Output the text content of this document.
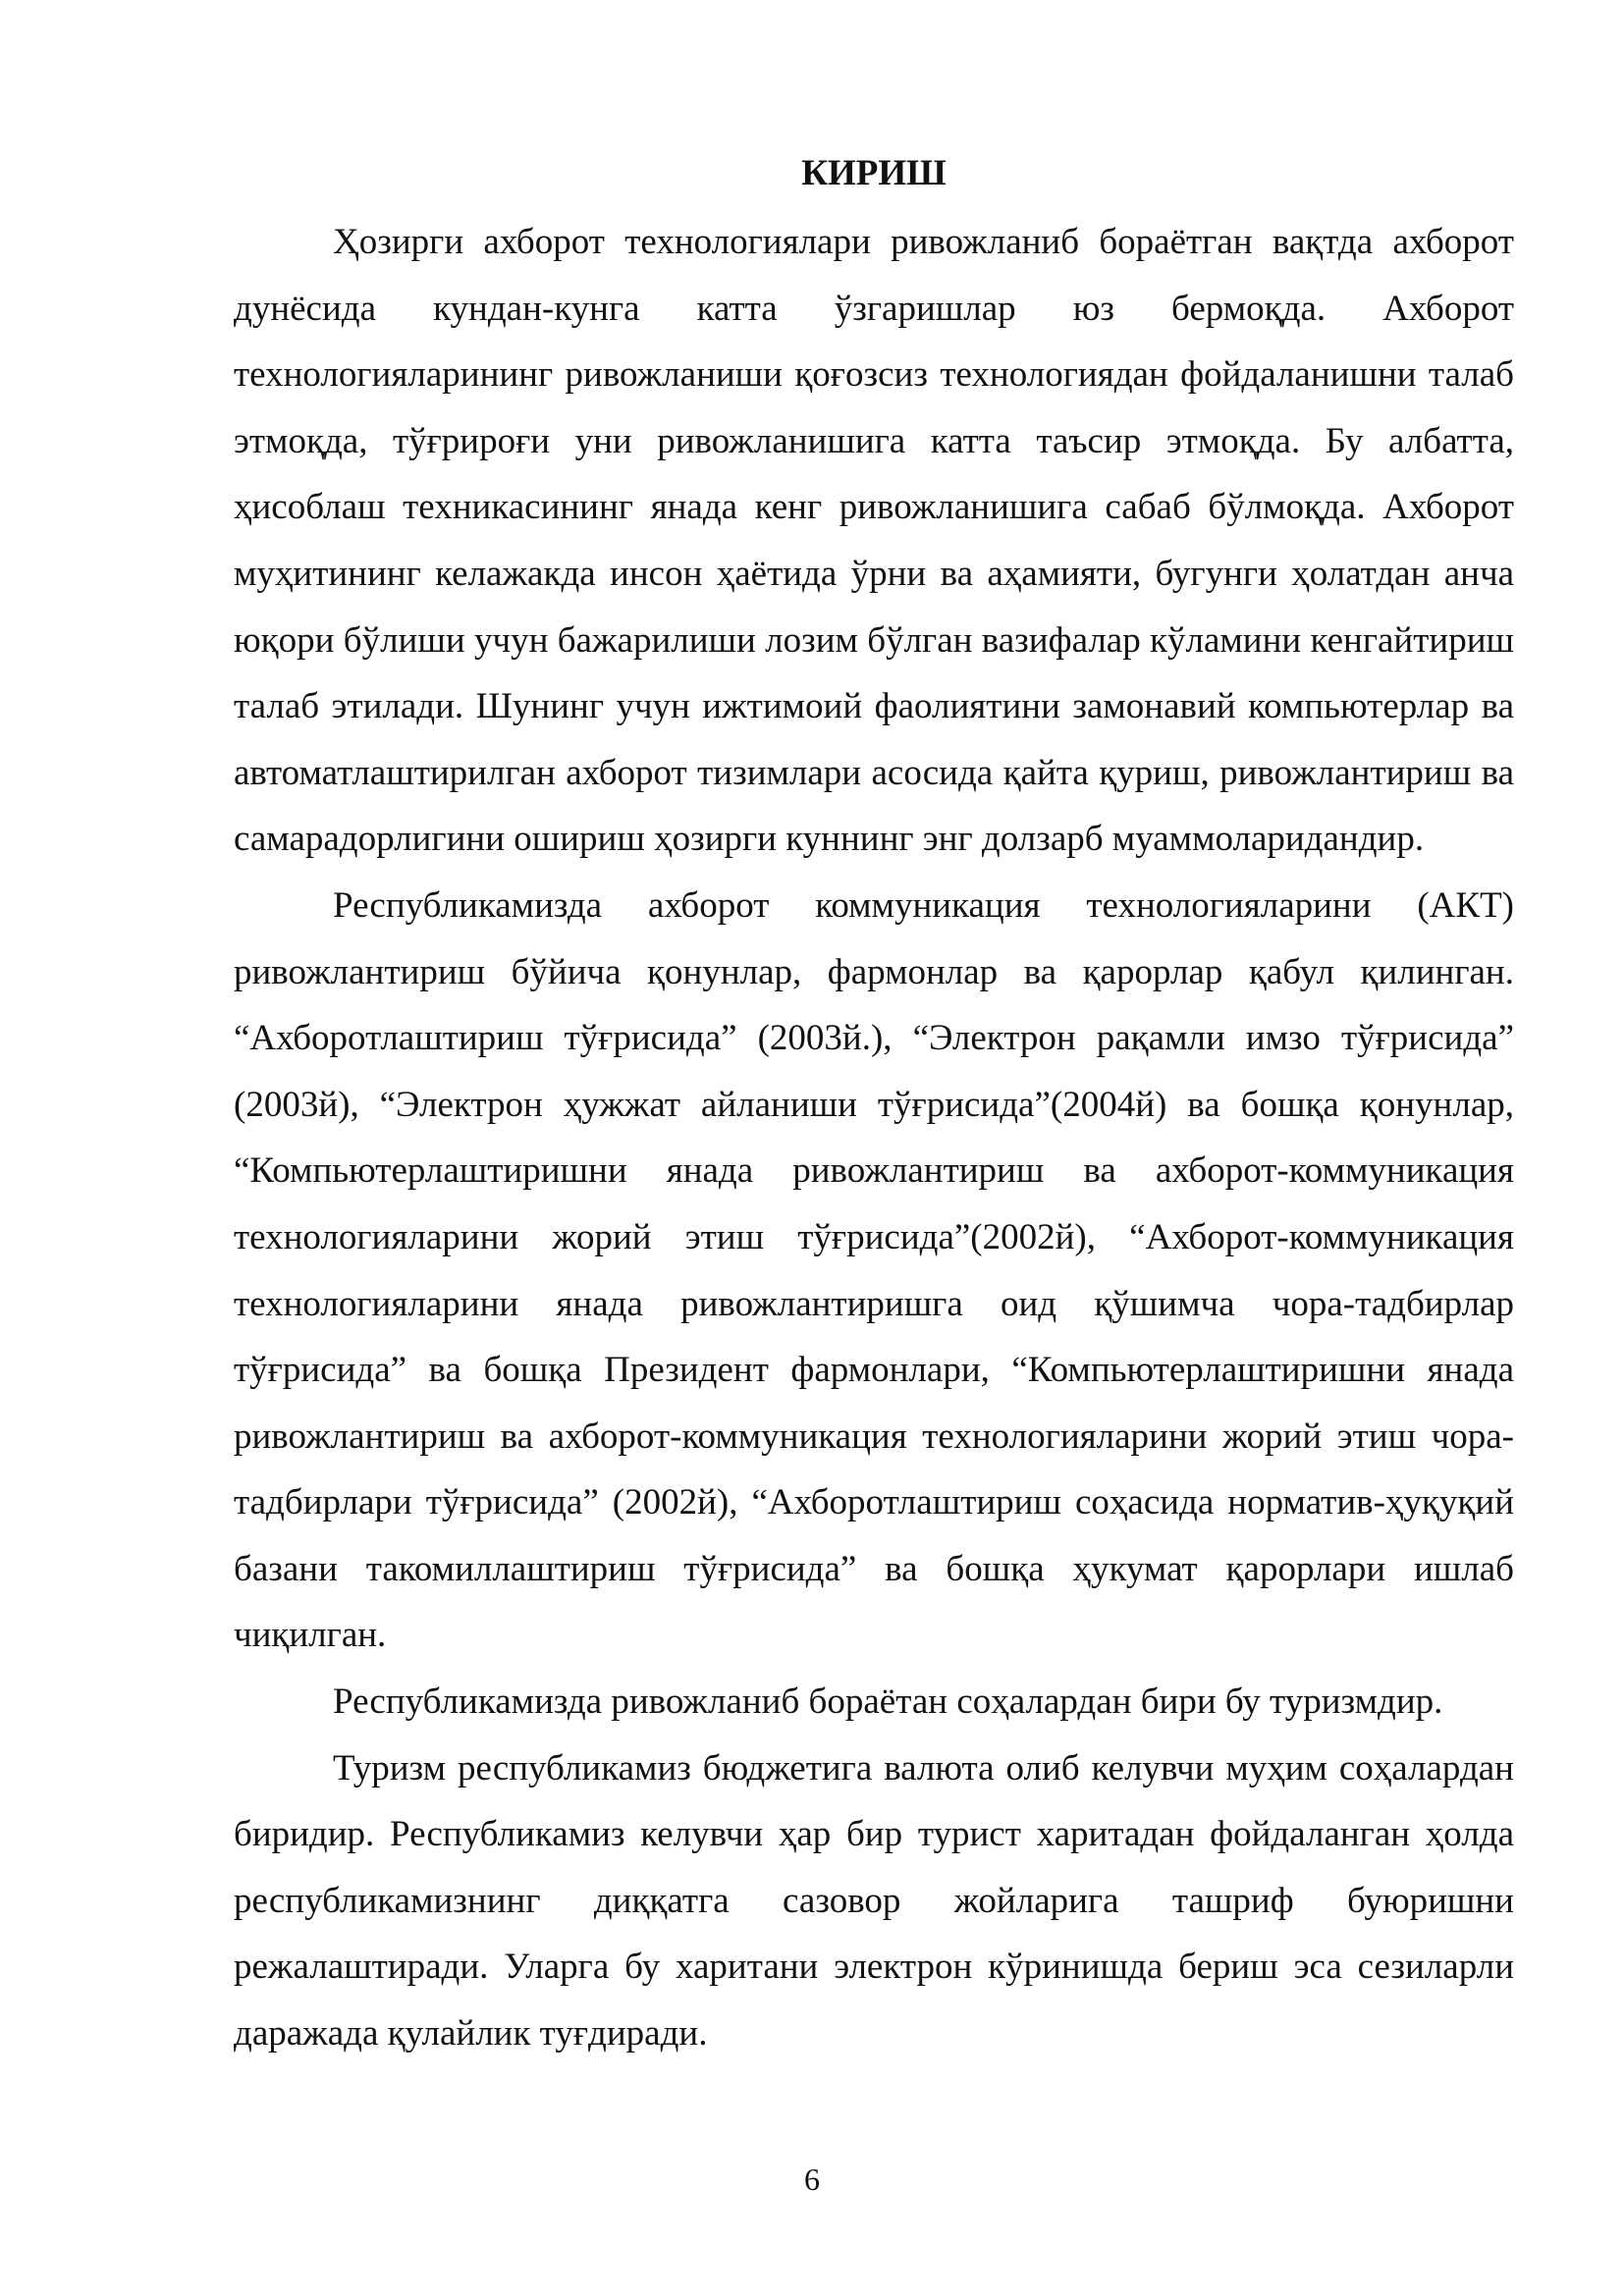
КИРИШ

Ҳозирги ахборот технологиялари ривожланиб бораётган вақтда ахборот дунёсида кундан-кунга катта ўзгаришлар юз бермоқда. Ахборот технологияларининг ривожланиши қоғозсиз технологиядан фойдаланишни талаб этмоқда, тўғрироғи уни ривожланишига катта таъсир этмоқда. Бу албатта, ҳисоблаш техникасининг янада кенг ривожланишига сабаб бўлмоқда. Ахборот муҳитининг келажакда инсон ҳаётида ўрни ва аҳамияти, бугунги ҳолатдан анча юқори бўлиши учун бажарилиши лозим бўлган вазифалар кўламини кенгайтириш талаб этилади. Шунинг учун ижтимоий фаолиятини замонавий компьютерлар ва автоматлаштирилган ахборот тизимлари асосида қайта қуриш, ривожлантириш ва самарадорлигини ошириш ҳозирги куннинг энг долзарб муаммоларидандир.

Республикамизда ахборот коммуникация технологияларини (АКТ) ривожлантириш бўйича қонунлар, фармонлар ва қарорлар қабул қилинган. “Ахборотлаштириш тўғрисида” (2003й.), “Электрон рақамли имзо тўғрисида” (2003й), “Электрон ҳужжат айланиши тўғрисида”(2004й) ва бошқа қонунлар, “Компьютерлаштиришни янада ривожлантириш ва ахборот-коммуникация технологияларини жорий этиш тўғрисида”(2002й), “Ахборот-коммуникация технологияларини янада ривожлантиришга оид қўшимча чора-тадбирлар тўғрисида” ва бошқа Президент фармонлари, “Компьютерлаштиришни янада ривожлантириш ва ахборот-коммуникация технологияларини жорий этиш чора-тадбирлари тўғрисида” (2002й), “Ахборотлаштириш соҳасида норматив-ҳуқуқий базани такомиллаштириш тўғрисида” ва бошқа ҳукумат қарорлари ишлаб чиқилган.

Республикамизда ривожланиб бораётан соҳалардан бири бу туризмдир.

Туризм республикамиз бюджетига валюта олиб келувчи муҳим соҳалардан биридир. Республикамиз келувчи ҳар бир турист харитадан фойдаланган ҳолда республикамизнинг диққатга сазовор жойларига ташриф буюришни режалаштиради. Уларга бу харитани электрон кўринишда бериш эса сезиларли даражада қулайлик туғдиради.

6
